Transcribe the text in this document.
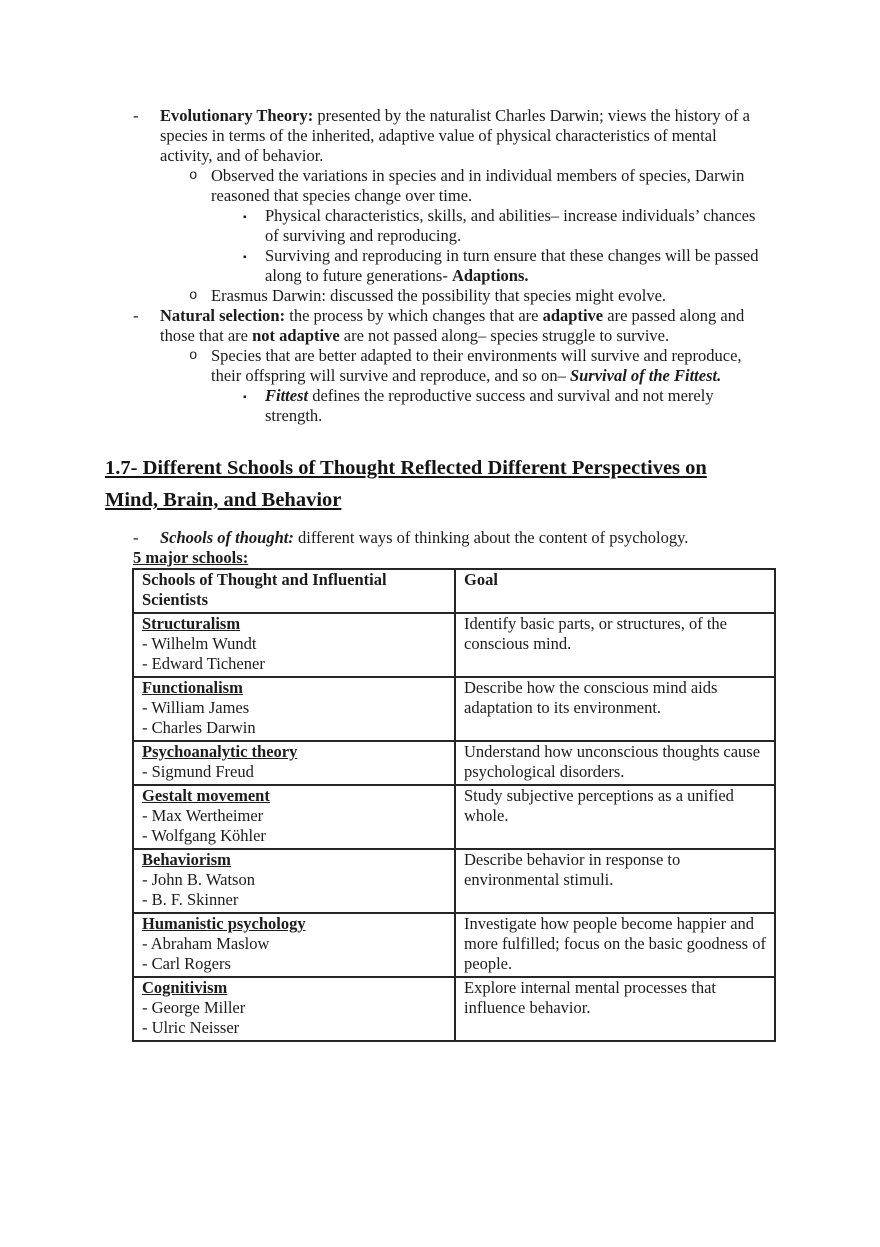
- Evolutionary Theory: presented by the naturalist Charles Darwin; views the history of a species in terms of the inherited, adaptive value of physical characteristics of mental activity, and of behavior.
o Observed the variations in species and in individual members of species, Darwin reasoned that species change over time.
▪ Physical characteristics, skills, and abilities– increase individuals’ chances of surviving and reproducing.
▪ Surviving and reproducing in turn ensure that these changes will be passed along to future generations- Adaptions.
o Erasmus Darwin: discussed the possibility that species might evolve.
- Natural selection: the process by which changes that are adaptive are passed along and those that are not adaptive are not passed along– species struggle to survive.
o Species that are better adapted to their environments will survive and reproduce, their offspring will survive and reproduce, and so on– Survival of the Fittest.
▪ Fittest defines the reproductive success and survival and not merely strength.
1.7- Different Schools of Thought Reflected Different Perspectives on Mind, Brain, and Behavior
- Schools of thought: different ways of thinking about the content of psychology.
5 major schools:
Schools of Thought and Influential Scientists	Goal

Structuralism
- Wilhelm Wundt
- Edward Tichener	Identify basic parts, or structures, of the conscious mind.

Functionalism
- William James
- Charles Darwin	Describe how the conscious mind aids adaptation to its environment.

Psychoanalytic theory
- Sigmund Freud	Understand how unconscious thoughts cause psychological disorders.

Gestalt movement
- Max Wertheimer
- Wolfgang Köhler	Study subjective perceptions as a unified whole.

Behaviorism
- John B. Watson
- B. F. Skinner	Describe behavior in response to environmental stimuli.

Humanistic psychology
- Abraham Maslow
- Carl Rogers	Investigate how people become happier and more fulfilled; focus on the basic goodness of people.

Cognitivism
- George Miller
- Ulric Neisser	Explore internal mental processes that influence behavior.
